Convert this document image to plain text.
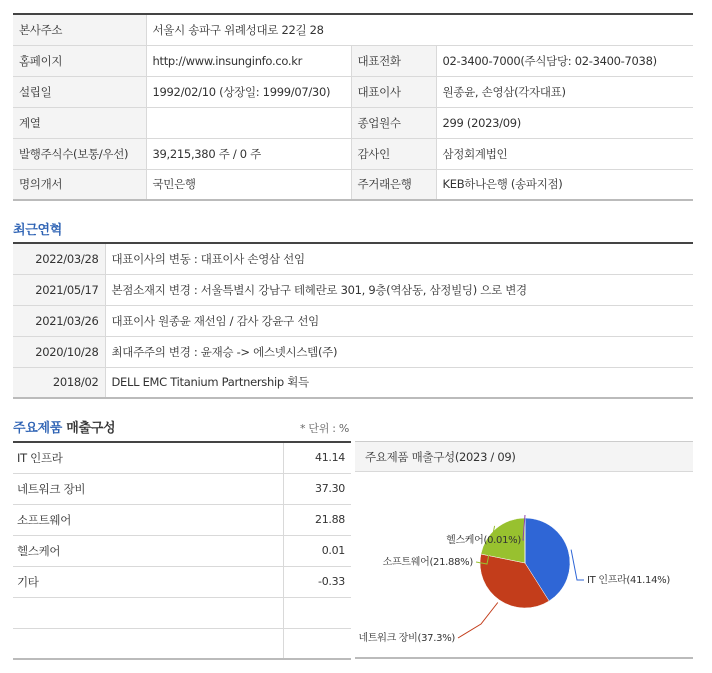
본사주소	서울시 송파구 위례성대로 22길 28		
홈페이지	http://www.insunginfo.co.kr	대표전화	02-3400-7000(주식담당: 02-3400-7038)
설립일	1992/02/10 (상장일: 1999/07/30)	대표이사	원종윤, 손영삼(각자대표)
계열		종업원수	299 (2023/09)
발행주식수(보통/우선)	39,215,380 주 / 0 주	감사인	삼정회계법인
명의개서	국민은행	주거래은행	KEB하나은행 (송파지점)
최근연혁
2022/03/28	대표이사의 변동 : 대표이사 손영삼 선임
2021/05/17	본점소재지 변경 : 서울특별시 강남구 테헤란로 301, 9층(역삼동, 삼정빌딩) 으로 변경
2021/03/26	대표이사 원종윤 재선임 / 감사 강윤구 선임
2020/10/28	최대주주의 변경 : 윤재승 -> 에스넷시스템(주)
2018/02	DELL EMC Titanium Partnership 획득
주요제품 매출구성	* 단위 : %
IT 인프라	41.14
네트워크 장비	37.30
소프트웨어	21.88
헬스케어	0.01
기타	-0.33

주요제품 매출구성(2023 / 09)
IT 인프라(41.14%)
네트워크 장비(37.3%)
소프트웨어(21.88%)
헬스케어(0.01%)
